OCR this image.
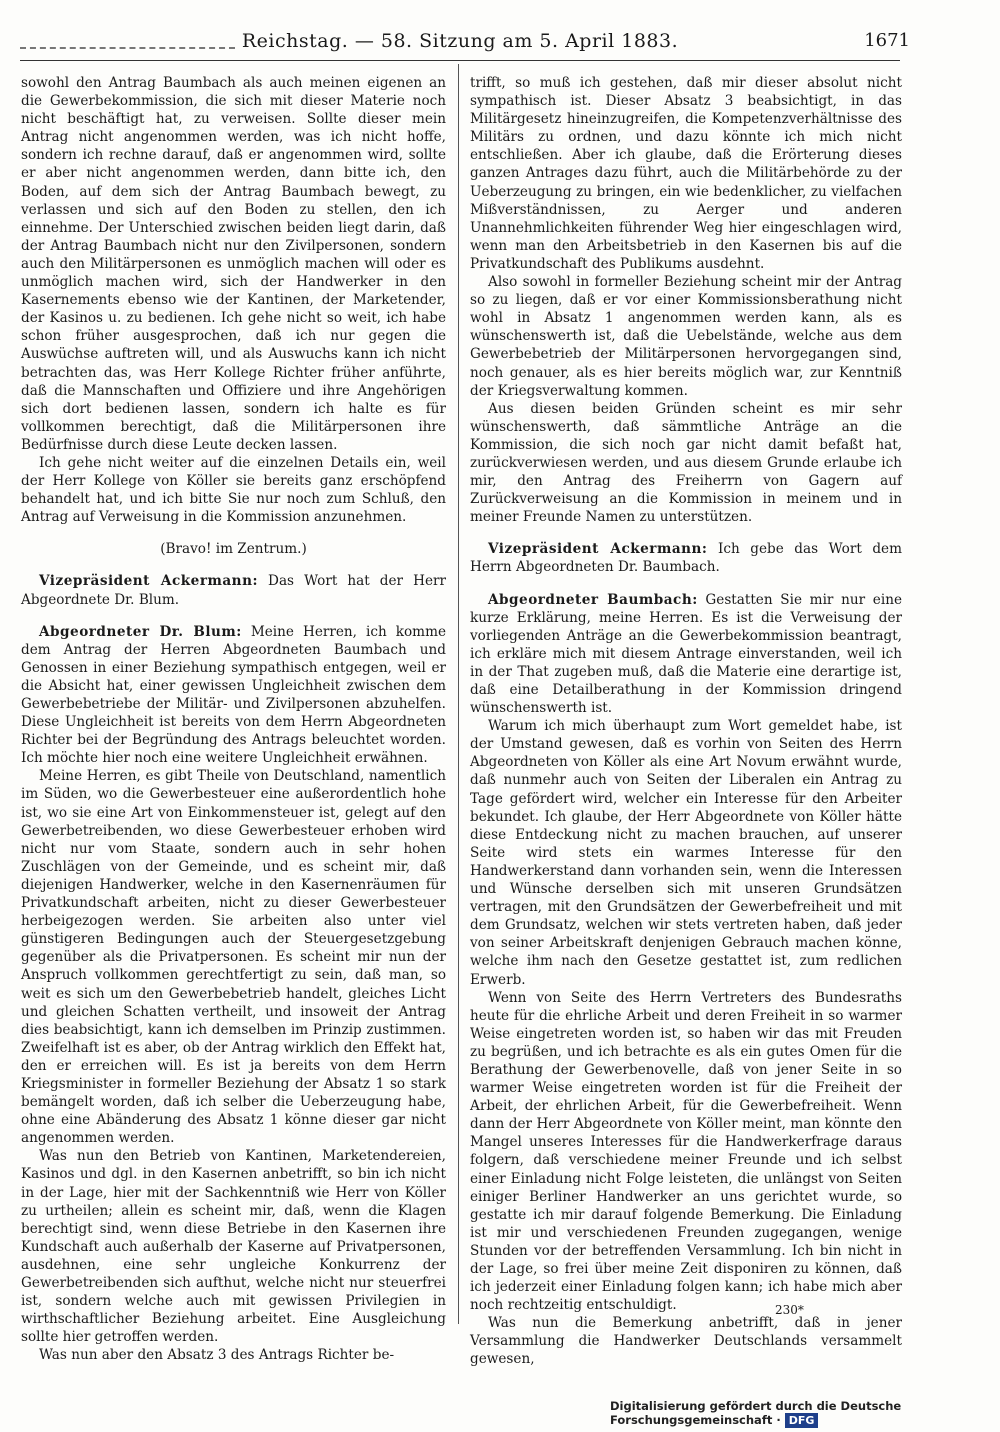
Reichstag. — 58. Sitzung am 5. April 1883.	1671

sowohl den Antrag Baumbach als auch meinen eigenen an die Gewerbekommission, die sich mit dieser Materie noch nicht beschäftigt hat, zu verweisen. Sollte dieser mein Antrag nicht angenommen werden, was ich nicht hoffe, sondern ich rechne darauf, daß er angenommen wird, sollte er aber nicht angenommen werden, dann bitte ich, den Boden, auf dem sich der Antrag Baumbach bewegt, zu verlassen und sich auf den Boden zu stellen, den ich einnehme. Der Unterschied zwischen beiden liegt darin, daß der Antrag Baumbach nicht nur den Zivilpersonen, sondern auch den Militärpersonen es unmöglich machen will oder es unmöglich machen wird, sich der Handwerker in den Kasernements ebenso wie der Kantinen, der Marketender, der Kasinos u. zu bedienen. Ich gehe nicht so weit, ich habe schon früher ausgesprochen, daß ich nur gegen die Auswüchse auftreten will, und als Auswuchs kann ich nicht betrachten das, was Herr Kollege Richter früher anführte, daß die Mannschaften und Offiziere und ihre Angehörigen sich dort bedienen lassen, sondern ich halte es für vollkommen berechtigt, daß die Militärpersonen ihre Bedürfnisse durch diese Leute decken lassen.

Ich gehe nicht weiter auf die einzelnen Details ein, weil der Herr Kollege von Köller sie bereits ganz erschöpfend behandelt hat, und ich bitte Sie nur noch zum Schluß, den Antrag auf Verweisung in die Kommission anzunehmen.

(Bravo! im Zentrum.)

Vizepräsident Ackermann: Das Wort hat der Herr Abgeordnete Dr. Blum.

Abgeordneter Dr. Blum: Meine Herren, ich komme dem Antrag der Herren Abgeordneten Baumbach und Genossen in einer Beziehung sympathisch entgegen, weil er die Absicht hat, einer gewissen Ungleichheit zwischen dem Gewerbebetriebe der Militär- und Zivilpersonen abzuhelfen. Diese Ungleichheit ist bereits von dem Herrn Abgeordneten Richter bei der Begründung des Antrags beleuchtet worden. Ich möchte hier noch eine weitere Ungleichheit erwähnen.

Meine Herren, es gibt Theile von Deutschland, namentlich im Süden, wo die Gewerbesteuer eine außerordentlich hohe ist, wo sie eine Art von Einkommensteuer ist, gelegt auf den Gewerbetreibenden, wo diese Gewerbesteuer erhoben wird nicht nur vom Staate, sondern auch in sehr hohen Zuschlägen von der Gemeinde, und es scheint mir, daß diejenigen Handwerker, welche in den Kasernenräumen für Privatkundschaft arbeiten, nicht zu dieser Gewerbesteuer herbeigezogen werden. Sie arbeiten also unter viel günstigeren Bedingungen auch der Steuergesetzgebung gegenüber als die Privatpersonen. Es scheint mir nun der Anspruch vollkommen gerechtfertigt zu sein, daß man, so weit es sich um den Gewerbebetrieb handelt, gleiches Licht und gleichen Schatten vertheilt, und insoweit der Antrag dies beabsichtigt, kann ich demselben im Prinzip zustimmen. Zweifelhaft ist es aber, ob der Antrag wirklich den Effekt hat, den er erreichen will. Es ist ja bereits von dem Herrn Kriegsminister in formeller Beziehung der Absatz 1 so stark bemängelt worden, daß ich selber die Ueberzeugung habe, ohne eine Abänderung des Absatz 1 könne dieser gar nicht angenommen werden.

Was nun den Betrieb von Kantinen, Marketendereien, Kasinos und dgl. in den Kasernen anbetrifft, so bin ich nicht in der Lage, hier mit der Sachkenntniß wie Herr von Köller zu urtheilen; allein es scheint mir, daß, wenn die Klagen berechtigt sind, wenn diese Betriebe in den Kasernen ihre Kundschaft auch außerhalb der Kaserne auf Privatpersonen, ausdehnen, eine sehr ungleiche Konkurrenz der Gewerbetreibenden sich aufthut, welche nicht nur steuerfrei ist, sondern welche auch mit gewissen Privilegien in wirthschaftlicher Beziehung arbeitet. Eine Ausgleichung sollte hier getroffen werden.

Was nun aber den Absatz 3 des Antrags Richter be-

trifft, so muß ich gestehen, daß mir dieser absolut nicht sympathisch ist. Dieser Absatz 3 beabsichtigt, in das Militärgesetz hineinzugreifen, die Kompetenzverhältnisse des Militärs zu ordnen, und dazu könnte ich mich nicht entschließen. Aber ich glaube, daß die Erörterung dieses ganzen Antrages dazu führt, auch die Militärbehörde zu der Ueberzeugung zu bringen, ein wie bedenklicher, zu vielfachen Mißverständnissen, zu Aerger und anderen Unannehmlichkeiten führender Weg hier eingeschlagen wird, wenn man den Arbeitsbetrieb in den Kasernen bis auf die Privatkundschaft des Publikums ausdehnt.

Also sowohl in formeller Beziehung scheint mir der Antrag so zu liegen, daß er vor einer Kommissionsberathung nicht wohl in Absatz 1 angenommen werden kann, als es wünschenswerth ist, daß die Uebelstände, welche aus dem Gewerbebetrieb der Militärpersonen hervorgegangen sind, noch genauer, als es hier bereits möglich war, zur Kenntniß der Kriegsverwaltung kommen.

Aus diesen beiden Gründen scheint es mir sehr wünschenswerth, daß sämmtliche Anträge an die Kommission, die sich noch gar nicht damit befaßt hat, zurückverwiesen werden, und aus diesem Grunde erlaube ich mir, den Antrag des Freiherrn von Gagern auf Zurückverweisung an die Kommission in meinem und in meiner Freunde Namen zu unterstützen.

Vizepräsident Ackermann: Ich gebe das Wort dem Herrn Abgeordneten Dr. Baumbach.

Abgeordneter Baumbach: Gestatten Sie mir nur eine kurze Erklärung, meine Herren. Es ist die Verweisung der vorliegenden Anträge an die Gewerbekommission beantragt, ich erkläre mich mit diesem Antrage einverstanden, weil ich in der That zugeben muß, daß die Materie eine derartige ist, daß eine Detailberathung in der Kommission dringend wünschenswerth ist.

Warum ich mich überhaupt zum Wort gemeldet habe, ist der Umstand gewesen, daß es vorhin von Seiten des Herrn Abgeordneten von Köller als eine Art Novum erwähnt wurde, daß nunmehr auch von Seiten der Liberalen ein Antrag zu Tage gefördert wird, welcher ein Interesse für den Arbeiter bekundet. Ich glaube, der Herr Abgeordnete von Köller hätte diese Entdeckung nicht zu machen brauchen, auf unserer Seite wird stets ein warmes Interesse für den Handwerkerstand dann vorhanden sein, wenn die Interessen und Wünsche derselben sich mit unseren Grundsätzen vertragen, mit den Grundsätzen der Gewerbefreiheit und mit dem Grundsatz, welchen wir stets vertreten haben, daß jeder von seiner Arbeitskraft denjenigen Gebrauch machen könne, welche ihm nach den Gesetze gestattet ist, zum redlichen Erwerb.

Wenn von Seite des Herrn Vertreters des Bundesraths heute für die ehrliche Arbeit und deren Freiheit in so warmer Weise eingetreten worden ist, so haben wir das mit Freuden zu begrüßen, und ich betrachte es als ein gutes Omen für die Berathung der Gewerbenovelle, daß von jener Seite in so warmer Weise eingetreten worden ist für die Freiheit der Arbeit, der ehrlichen Arbeit, für die Gewerbefreiheit. Wenn dann der Herr Abgeordnete von Köller meint, man könnte den Mangel unseres Interesses für die Handwerkerfrage daraus folgern, daß verschiedene meiner Freunde und ich selbst einer Einladung nicht Folge leisteten, die unlängst von Seiten einiger Berliner Handwerker an uns gerichtet wurde, so gestatte ich mir darauf folgende Bemerkung. Die Einladung ist mir und verschiedenen Freunden zugegangen, wenige Stunden vor der betreffenden Versammlung. Ich bin nicht in der Lage, so frei über meine Zeit disponiren zu können, daß ich jederzeit einer Einladung folgen kann; ich habe mich aber noch rechtzeitig entschuldigt.

Was nun die Bemerkung anbetrifft, daß in jener Versammlung die Handwerker Deutschlands versammelt gewesen,

230*
Digitalisierung gefördert durch die Deutsche Forschungsgemeinschaft · DFG
